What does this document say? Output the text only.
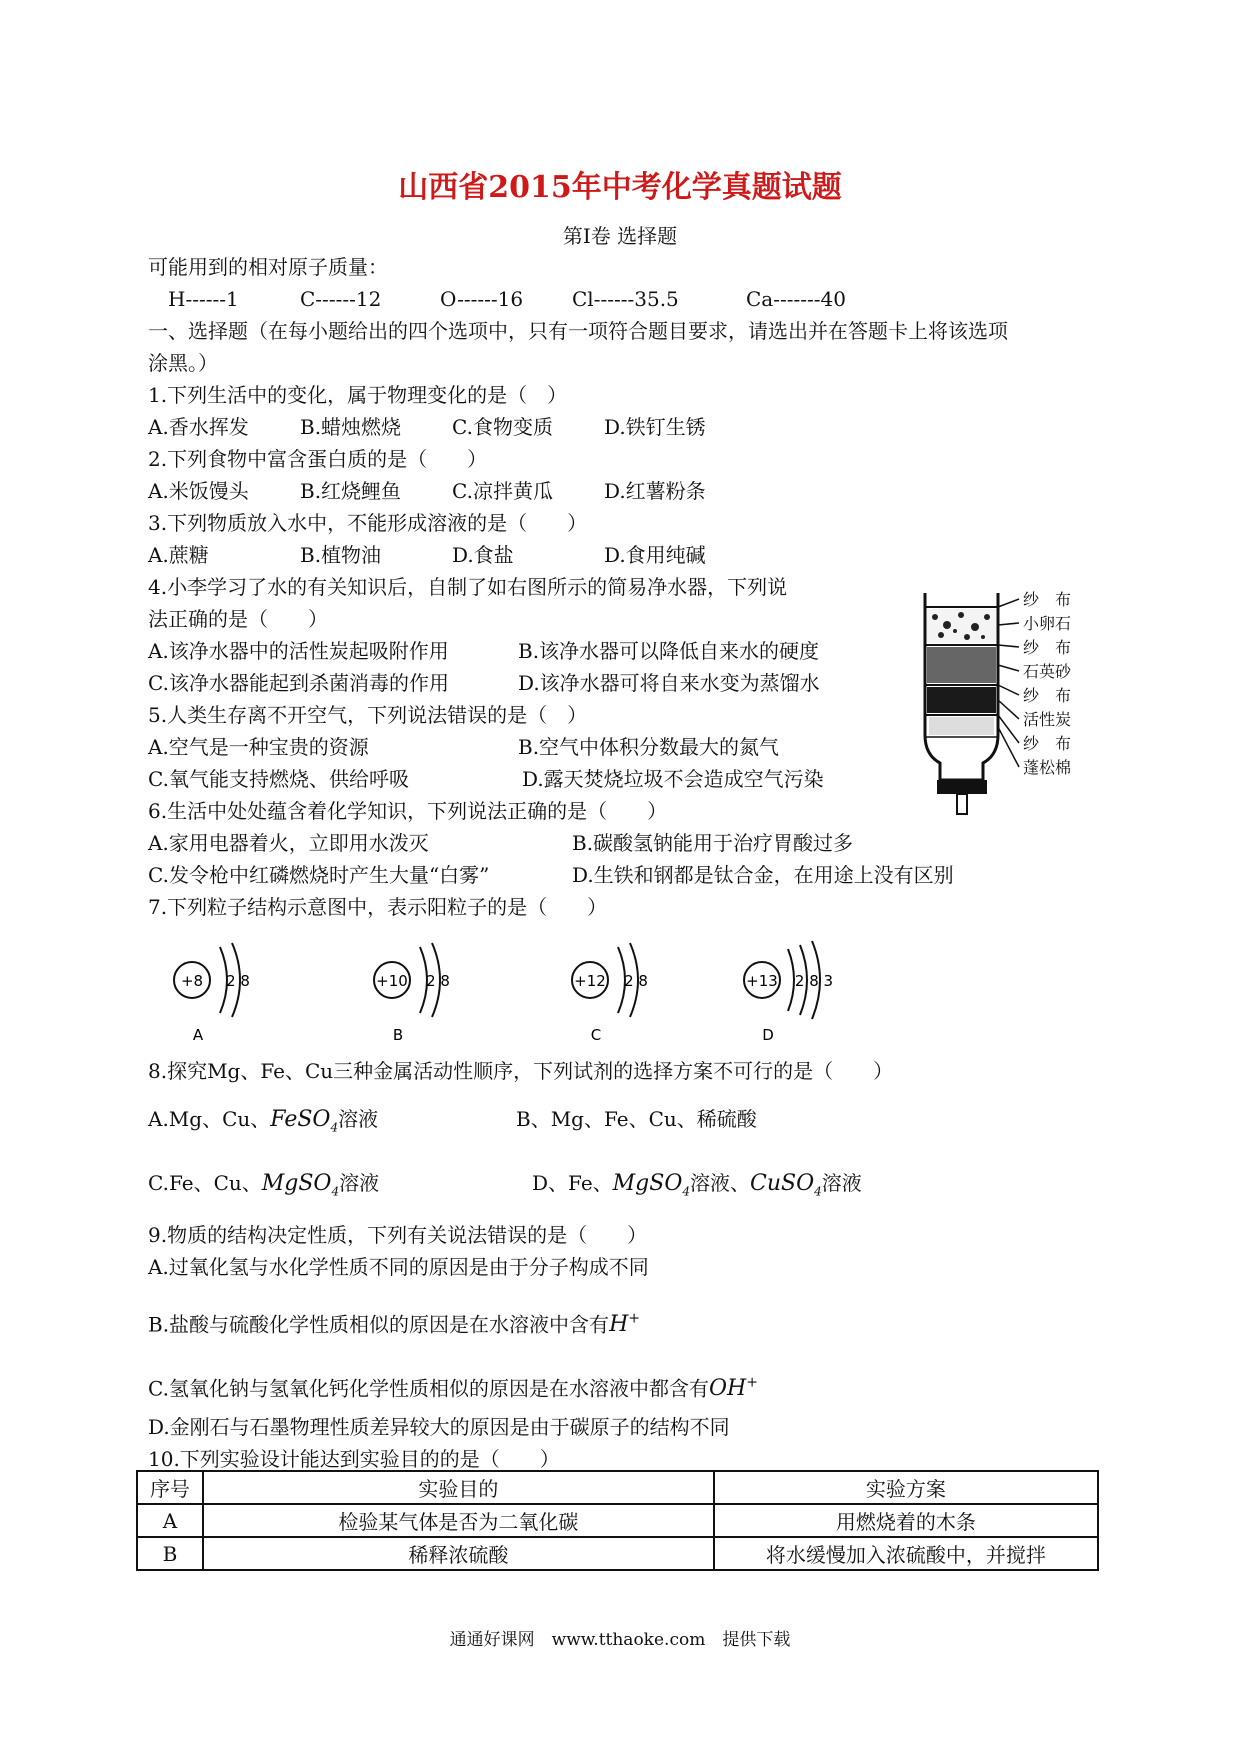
山西省2015年中考化学真题试题
第Ⅰ卷 选择题
可能用到的相对原子质量：
H------1	C------12	O------16 Cl------35.5	Ca-------40
一、选择题（在每小题给出的四个选项中，只有一项符合题目要求，请选出并在答题卡上将该选项
涂黑。）
1.下列生活中的变化，属于物理变化的是（　）
A.香水挥发	B.蜡烛燃烧	C.食物变质	D.铁钉生锈
2.下列食物中富含蛋白质的是（　　）
A.米饭馒头	B.红烧鲤鱼	C.凉拌黄瓜	D.红薯粉条
3.下列物质放入水中，不能形成溶液的是（　　）
A.蔗糖	B.植物油	D.食盐	D.食用纯碱
4.小李学习了水的有关知识后，自制了如右图所示的简易净水器，下列说
法正确的是（　　）
A.该净水器中的活性炭起吸附作用	B.该净水器可以降低自来水的硬度
C.该净水器能起到杀菌消毒的作用	D.该净水器可将自来水变为蒸馏水
纱　布
小卵石
纱　布
石英砂
纱　布
活性炭
纱　布
蓬松棉
5.人类生存离不开空气，下列说法错误的是（　）
A.空气是一种宝贵的资源	B.空气中体积分数最大的氮气
C.氧气能支持燃烧、供给呼吸	D.露天焚烧垃圾不会造成空气污染
6.生活中处处蕴含着化学知识，下列说法正确的是（　　）
A.家用电器着火，立即用水泼灭	B.碳酸氢钠能用于治疗胃酸过多
C.发令枪中红磷燃烧时产生大量“白雾”	D.生铁和钢都是钛合金，在用途上没有区别
7.下列粒子结构示意图中，表示阳粒子的是（　　）
+8 2 8
A
+10 2 8
B
+12 2 8
C
+13 2 8 3
D
8.探究Mg、Fe、Cu三种金属活动性顺序，下列试剂的选择方案不可行的是（　　）
A.Mg、Cu、FeSO$_4$溶液	B、Mg、Fe、Cu、稀硫酸
C.Fe、Cu、MgSO$_4$溶液	D、Fe、MgSO$_4$溶液、CuSO$_4$溶液
9.物质的结构决定性质，下列有关说法错误的是（　　）
A.过氧化氢与水化学性质不同的原因是由于分子构成不同
B.盐酸与硫酸化学性质相似的原因是在水溶液中含有H+
C.氢氧化钠与氢氧化钙化学性质相似的原因是在水溶液中都含有OH+
D.金刚石与石墨物理性质差异较大的原因是由于碳原子的结构不同
10.下列实验设计能达到实验目的的是（　　）
序号	实验目的	实验方案
A	检验某气体是否为二氧化碳	用燃烧着的木条
B	稀释浓硫酸	将水缓慢加入浓硫酸中，并搅拌
通通好课网　www.tthaoke.com　提供下载
